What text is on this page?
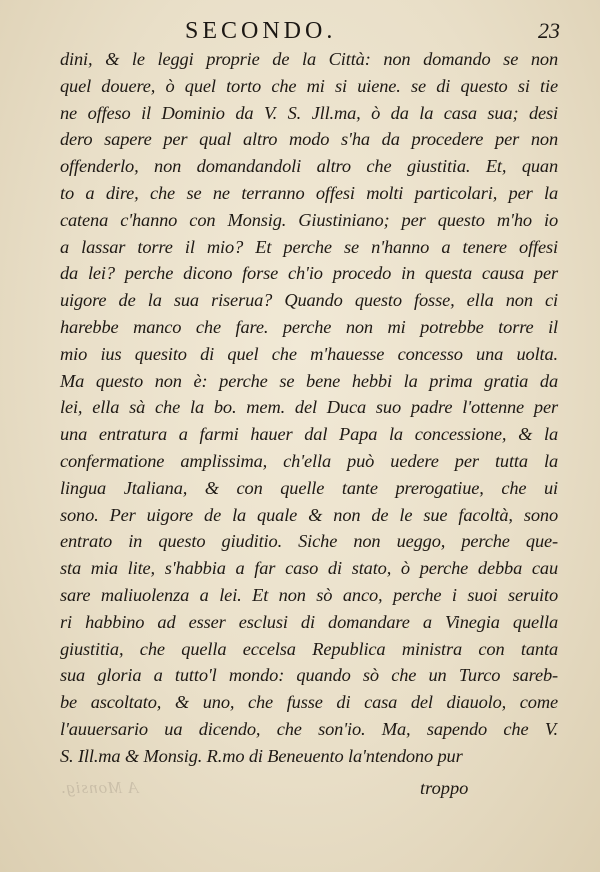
SECONDO.	23
dini, & le leggi proprie de la Città: non domando se non
quel douere, ò quel torto che mi si uiene. se di questo si tie
ne offeso il Dominio da V. S. Jll.ma, ò da la casa sua; desi
dero sapere per qual altro modo s'ha da procedere per non
offenderlo, non domandandoli altro che giustitia. Et, quan
to a dire, che se ne terranno offesi molti particolari, per la
catena c'hanno con Monsig. Giustiniano; per questo m'ho io
a lassar torre il mio? Et perche se n'hanno a tenere offesi
da lei? perche dicono forse ch'io procedo in questa causa per
uigore de la sua riserua? Quando questo fosse, ella non ci
harebbe manco che fare. perche non mi potrebbe torre il
mio ius quesito di quel che m'hauesse concesso una uolta.
Ma questo non è: perche se bene hebbi la prima gratia da
lei, ella sà che la bo. mem. del Duca suo padre l'ottenne per
una entratura a farmi hauer dal Papa la concessione, & la
confermatione amplissima, ch'ella può uedere per tutta la
lingua Jtaliana, & con quelle tante prerogatiue, che ui
sono. Per uigore de la quale & non de le sue facoltà, sono
entrato in questo giuditio. Siche non ueggo, perche que-
sta mia lite, s'habbia a far caso di stato, ò perche debba cau
sare maliuolenza a lei. Et non sò anco, perche i suoi seruito
ri habbino ad esser esclusi di domandare a Vinegia quella
giustitia, che quella eccelsa Republica ministra con tanta
sua gloria a tutto'l mondo: quando sò che un Turco sareb-
be ascoltato, & uno, che fusse di casa del diauolo, come
l'auuersario ua dicendo, che son'io. Ma, sapendo che V.
S. Ill.ma & Monsig. R.mo di Beneuento la'ntendono pur
A Monsig.	troppo
